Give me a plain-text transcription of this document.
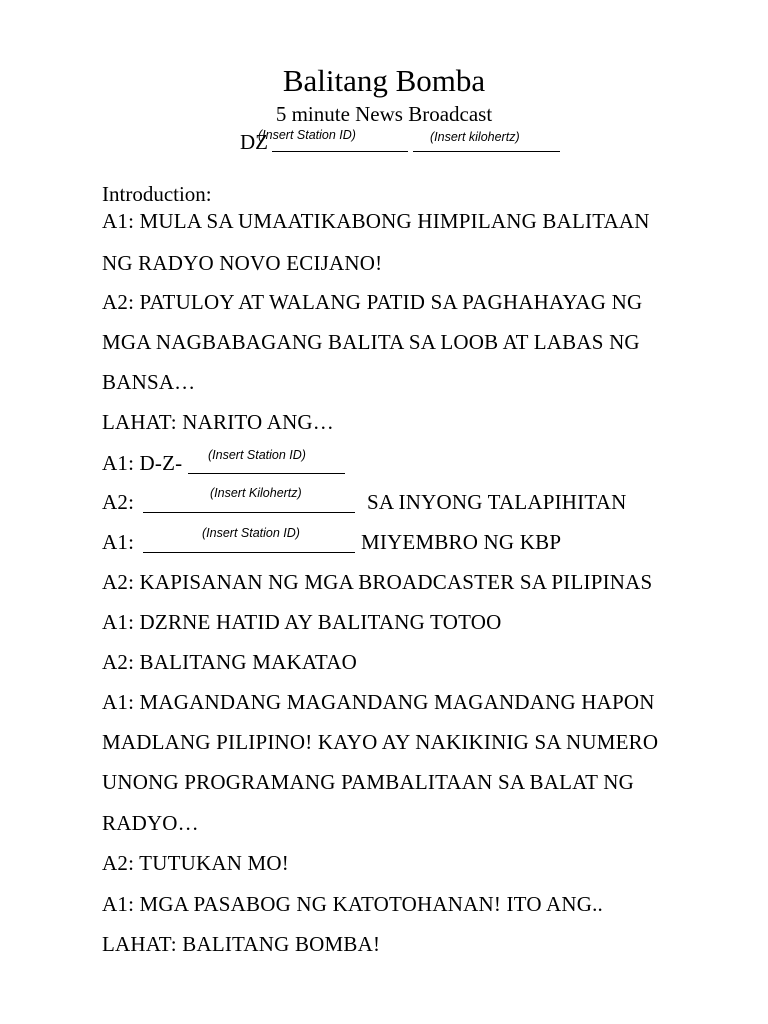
Balitang Bomba
5 minute News Broadcast
DZ
(Insert Station ID)	(Insert kilohertz)
Introduction:
A1: MULA SA UMAATIKABONG HIMPILANG BALITAAN
NG RADYO NOVO ECIJANO!
A2: PATULOY AT WALANG PATID SA PAGHAHAYAG NG
MGA NAGBABAGANG BALITA SA LOOB AT LABAS NG
BANSA…
LAHAT: NARITO ANG…
A1: D-Z- (Insert Station ID)
A2:	(Insert Kilohertz)	SA INYONG TALAPIHITAN
A1:	(Insert Station ID)	MIYEMBRO NG KBP
A2: KAPISANAN NG MGA BROADCASTER SA PILIPINAS
A1: DZRNE HATID AY BALITANG TOTOO
A2: BALITANG MAKATAO
A1: MAGANDANG MAGANDANG MAGANDANG HAPON
MADLANG PILIPINO! KAYO AY NAKIKINIG SA NUMERO
UNONG PROGRAMANG PAMBALITAAN SA BALAT NG
RADYO…
A2: TUTUKAN MO!
A1: MGA PASABOG NG KATOTOHANAN! ITO ANG..
LAHAT: BALITANG BOMBA!
